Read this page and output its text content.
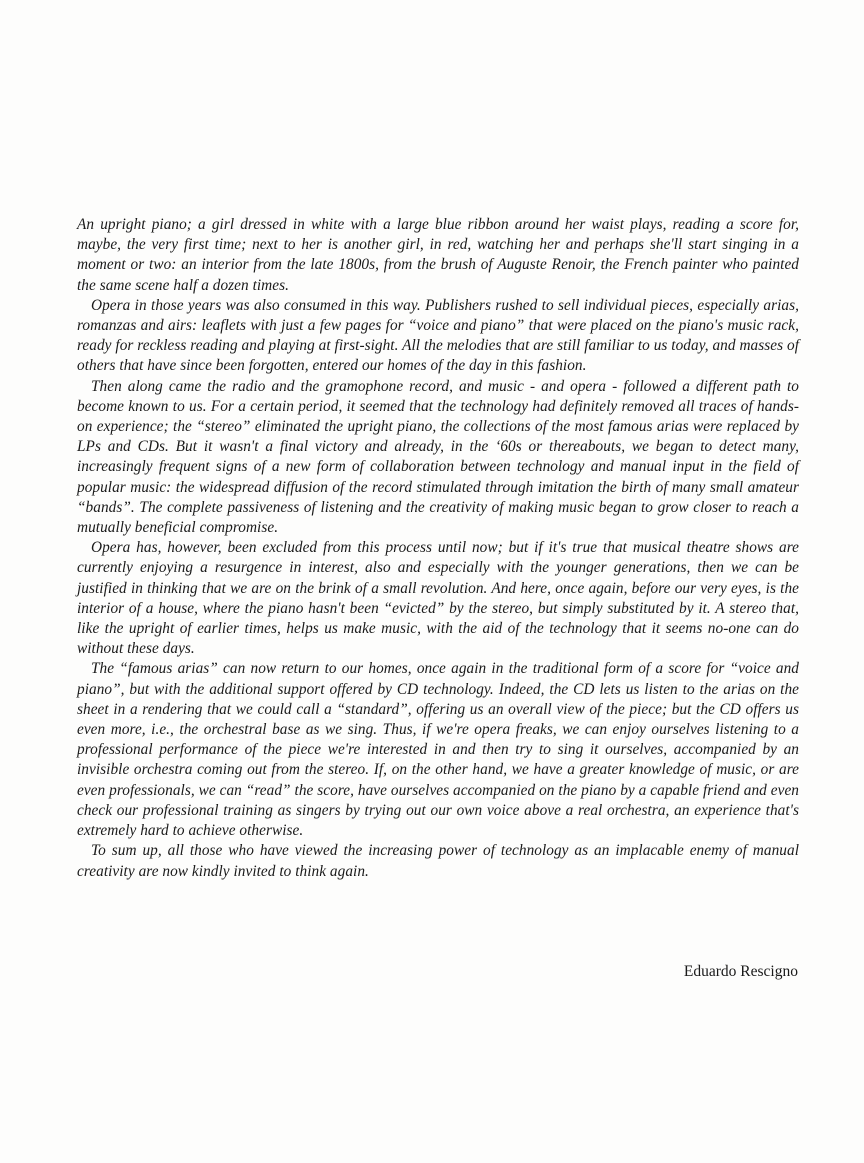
An upright piano; a girl dressed in white with a large blue ribbon around her waist plays, reading a score for, maybe, the very first time; next to her is another girl, in red, watching her and perhaps she'll start singing in a moment or two: an interior from the late 1800s, from the brush of Auguste Renoir, the French painter who painted the same scene half a dozen times.

Opera in those years was also consumed in this way. Publishers rushed to sell individual pieces, especially arias, romanzas and airs: leaflets with just a few pages for “voice and piano” that were placed on the piano's music rack, ready for reckless reading and playing at first-sight. All the melodies that are still familiar to us today, and masses of others that have since been forgotten, entered our homes of the day in this fashion.

Then along came the radio and the gramophone record, and music - and opera - followed a different path to become known to us. For a certain period, it seemed that the technology had definitely removed all traces of hands-on experience; the “stereo” eliminated the upright piano, the collections of the most famous arias were replaced by LPs and CDs. But it wasn't a final victory and already, in the ‘60s or thereabouts, we began to detect many, increasingly frequent signs of a new form of collaboration between technology and manual input in the field of popular music: the widespread diffusion of the record stimulated through imitation the birth of many small amateur “bands”. The complete passiveness of listening and the creativity of making music began to grow closer to reach a mutually beneficial compromise.

Opera has, however, been excluded from this process until now; but if it's true that musical theatre shows are currently enjoying a resurgence in interest, also and especially with the younger generations, then we can be justified in thinking that we are on the brink of a small revolution. And here, once again, before our very eyes, is the interior of a house, where the piano hasn't been “evicted” by the stereo, but simply substituted by it. A stereo that, like the upright of earlier times, helps us make music, with the aid of the technology that it seems no-one can do without these days.

The “famous arias” can now return to our homes, once again in the traditional form of a score for “voice and piano”, but with the additional support offered by CD technology. Indeed, the CD lets us listen to the arias on the sheet in a rendering that we could call a “standard”, offering us an overall view of the piece; but the CD offers us even more, i.e., the orchestral base as we sing. Thus, if we're opera freaks, we can enjoy ourselves listening to a professional performance of the piece we're interested in and then try to sing it ourselves, accompanied by an invisible orchestra coming out from the stereo. If, on the other hand, we have a greater knowledge of music, or are even professionals, we can “read” the score, have ourselves accompanied on the piano by a capable friend and even check our professional training as singers by trying out our own voice above a real orchestra, an experience that's extremely hard to achieve otherwise.

To sum up, all those who have viewed the increasing power of technology as an implacable enemy of manual creativity are now kindly invited to think again.

Eduardo Rescigno
